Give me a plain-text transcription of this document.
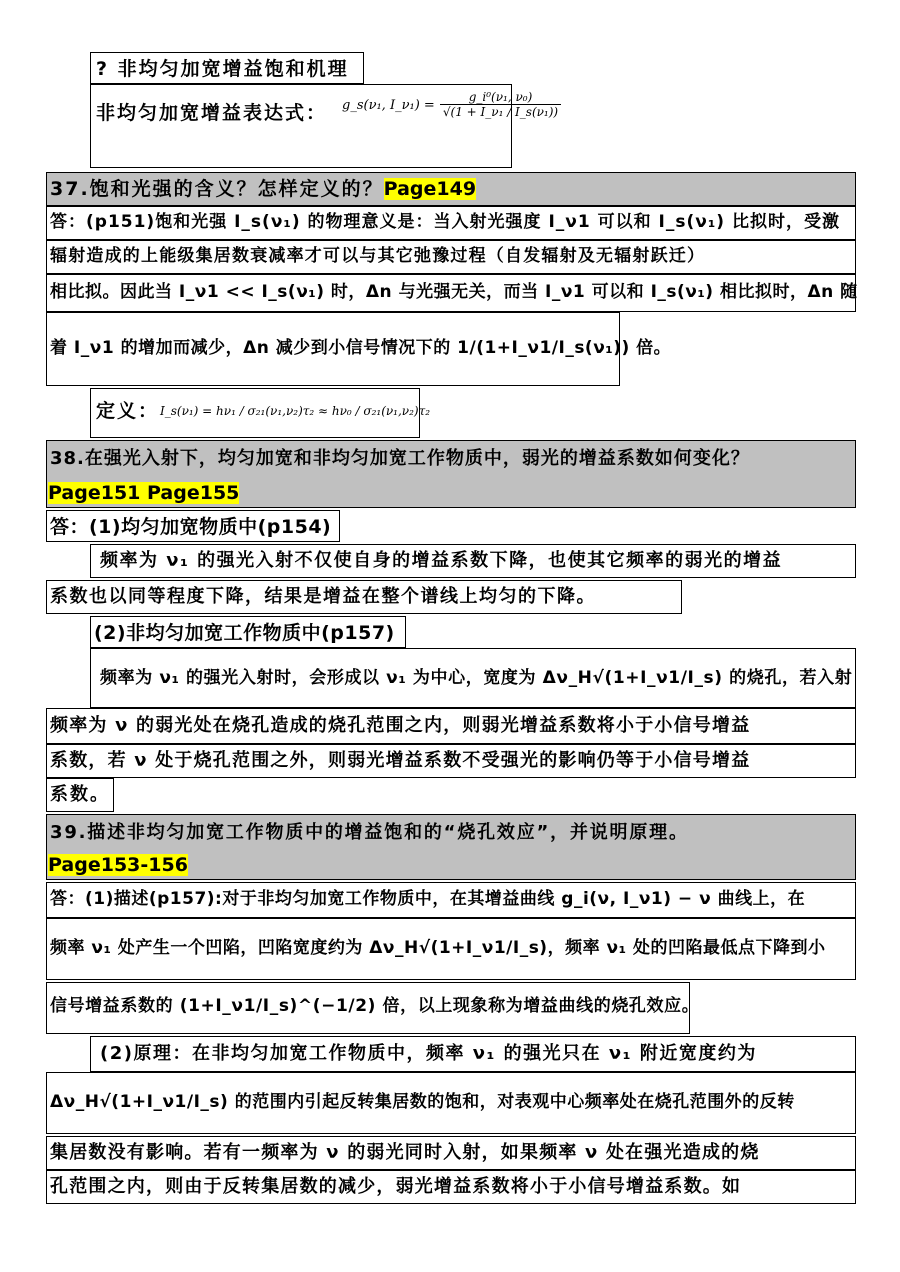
? 非均匀加宽增益饱和机理
非均匀加宽增益表达式： g_s(ν₁, I_ν₁) = $\frac{\text{g\_i⁰(ν₁, ν₀)}}{\text{√(1 + I\_ν₁ / I\_s(ν₁))}}$
37.饱和光强的含义？怎样定义的？Page149
答：(p151)饱和光强 I_s(ν₁) 的物理意义是：当入射光强度 I_ν1 可以和 I_s(ν₁) 比拟时，受激
辐射造成的上能级集居数衰减率才可以与其它弛豫过程（自发辐射及无辐射跃迁）
相比拟。因此当 I_ν1 << I_s(ν₁) 时，Δn 与光强无关，而当 I_ν1 可以和 I_s(ν₁) 相比拟时，Δn 随
着 I_ν1 的增加而减少，Δn 减少到小信号情况下的 1/(1+I_ν1/I_s(ν₁)) 倍。
定义： I_s(ν₁) = hν₁ / σ₂₁(ν₁,ν₂)τ₂ ≈ hν₀ / σ₂₁(ν₁,ν₂)τ₂
38.在强光入射下，均匀加宽和非均匀加宽工作物质中，弱光的增益系数如何变化？
Page151 Page155
答：(1)均匀加宽物质中(p154)
频率为 ν₁ 的强光入射不仅使自身的增益系数下降，也使其它频率的弱光的增益
系数也以同等程度下降，结果是增益在整个谱线上均匀的下降。
(2)非均匀加宽工作物质中(p157)
频率为 ν₁ 的强光入射时，会形成以 ν₁ 为中心，宽度为 Δν_H√(1+I_ν1/I_s) 的烧孔，若入射
频率为 ν 的弱光处在烧孔造成的烧孔范围之内，则弱光增益系数将小于小信号增益
系数，若 ν 处于烧孔范围之外，则弱光增益系数不受强光的影响仍等于小信号增益
系数。
39.描述非均匀加宽工作物质中的增益饱和的“烧孔效应”，并说明原理。
Page153-156
答：(1)描述(p157):对于非均匀加宽工作物质中，在其增益曲线 g_i(ν, I_ν1) − ν 曲线上，在
频率 ν₁ 处产生一个凹陷，凹陷宽度约为 Δν_H√(1+I_ν1/I_s)，频率 ν₁ 处的凹陷最低点下降到小
信号增益系数的 (1+I_ν1/I_s)^(−1/2) 倍，以上现象称为增益曲线的烧孔效应。
(2)原理：在非均匀加宽工作物质中，频率 ν₁ 的强光只在 ν₁ 附近宽度约为
Δν_H√(1+I_ν1/I_s) 的范围内引起反转集居数的饱和，对表观中心频率处在烧孔范围外的反转
集居数没有影响。若有一频率为 ν 的弱光同时入射，如果频率 ν 处在强光造成的烧
孔范围之内，则由于反转集居数的减少，弱光增益系数将小于小信号增益系数。如
